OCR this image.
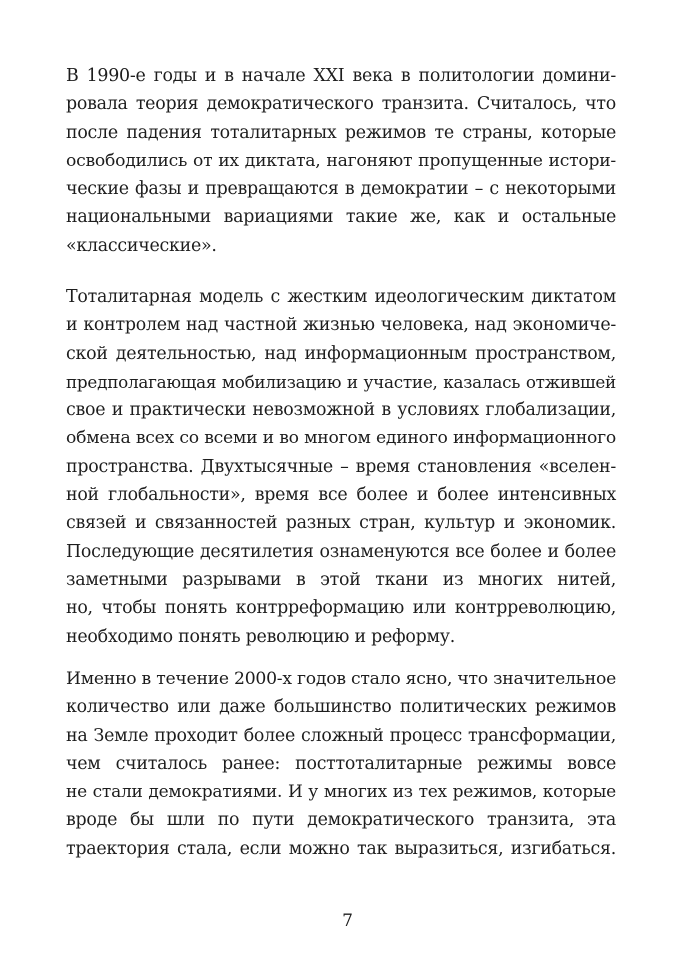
В 1990-е годы и в начале XXI века в политологии домини-
ровала теория демократического транзита. Считалось, что
после падения тоталитарных режимов те страны, которые
освободились от их диктата, нагоняют пропущенные истори-
ческие фазы и превращаются в демократии – с некоторыми
национальными вариациями такие же, как и остальные
«классические».
Тоталитарная модель с жестким идеологическим диктатом
и контролем над частной жизнью человека, над экономиче-
ской деятельностью, над информационным пространством,
предполагающая мобилизацию и участие, казалась отжившей
свое и практически невозможной в условиях глобализации,
обмена всех со всеми и во многом единого информационного
пространства. Двухтысячные – время становления «вселен-
ной глобальности», время все более и более интенсивных
связей и связанностей разных стран, культур и экономик.
Последующие десятилетия ознаменуются все более и более
заметными разрывами в этой ткани из многих нитей,
но, чтобы понять контрреформацию или контрреволюцию,
необходимо понять революцию и реформу.
Именно в течение 2000-х годов стало ясно, что значительное
количество или даже большинство политических режимов
на Земле проходит более сложный процесс трансформации,
чем считалось ранее: посттоталитарные режимы вовсе
не стали демократиями. И у многих из тех режимов, которые
вроде бы шли по пути демократического транзита, эта
траектория стала, если можно так выразиться, изгибаться.
7
